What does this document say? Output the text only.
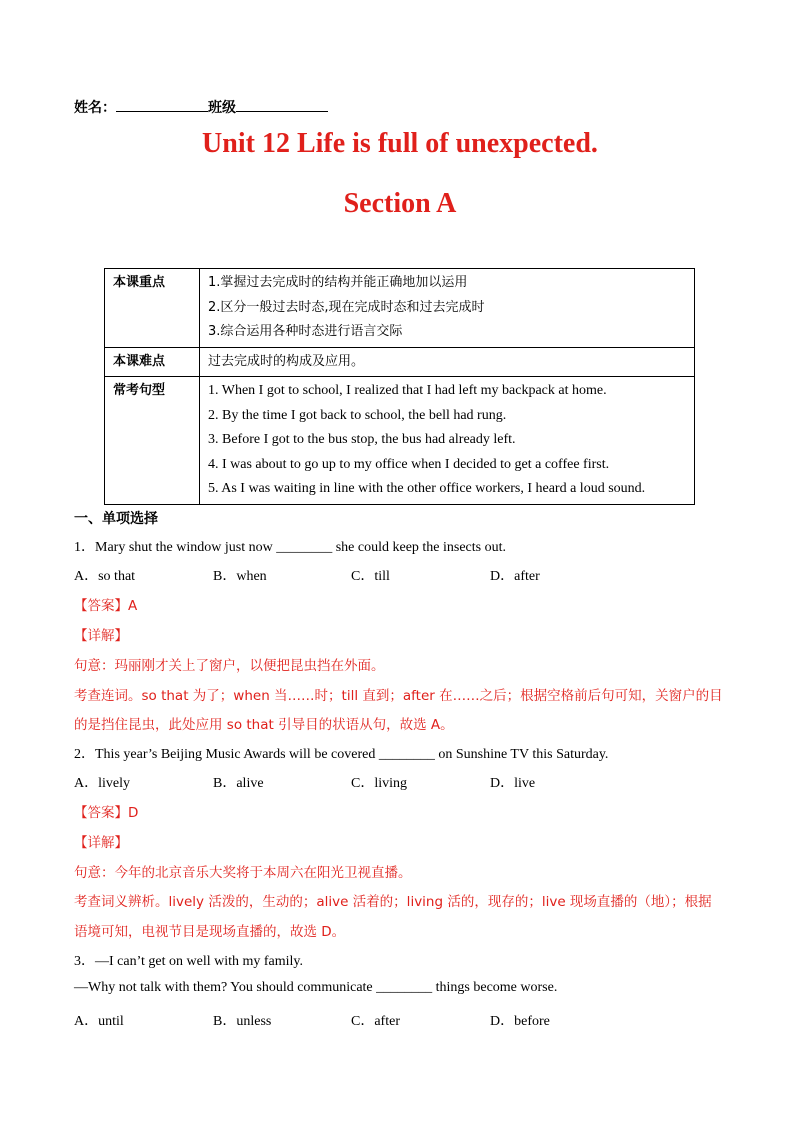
姓名：	班级
Unit 12 Life is full of unexpected.
Section A
本课重点	1.掌握过去完成时的结构并能正确地加以运用
2.区分一般过去时态,现在完成时态和过去完成时
3.综合运用各种时态进行语言交际

本课难点	过去完成时的构成及应用。

常考句型	1. When I got to school, I realized that I had left my backpack at home.
2. By the time I got back to school, the bell had rung.
3. Before I got to the bus stop, the bus had already left.
4. I was about to go up to my office when I decided to get a coffee first.
5. As I was waiting in line with the other office workers, I heard a loud sound.
一、单项选择
1．Mary shut the window just now ________ she could keep the insects out.
A．so that	B．when	C．till	D．after
【答案】A
【详解】
句意：玛丽刚才关上了窗户，以便把昆虫挡在外面。
考查连词。so that 为了；when 当……时；till 直到；after 在……之后；根据空格前后句可知，关窗户的目
的是挡住昆虫，此处应用 so that 引导目的状语从句，故选 A。
2．This year’s Beijing Music Awards will be covered ________ on Sunshine TV this Saturday.
A．lively	B．alive	C．living	D．live
【答案】D
【详解】
句意：今年的北京音乐大奖将于本周六在阳光卫视直播。
考查词义辨析。lively 活泼的，生动的；alive 活着的；living 活的，现存的；live 现场直播的（地）；根据
语境可知，电视节目是现场直播的，故选 D。
3．—I can’t get on well with my family.
—Why not talk with them? You should communicate ________ things become worse.
A．until	B．unless	C．after	D．before
